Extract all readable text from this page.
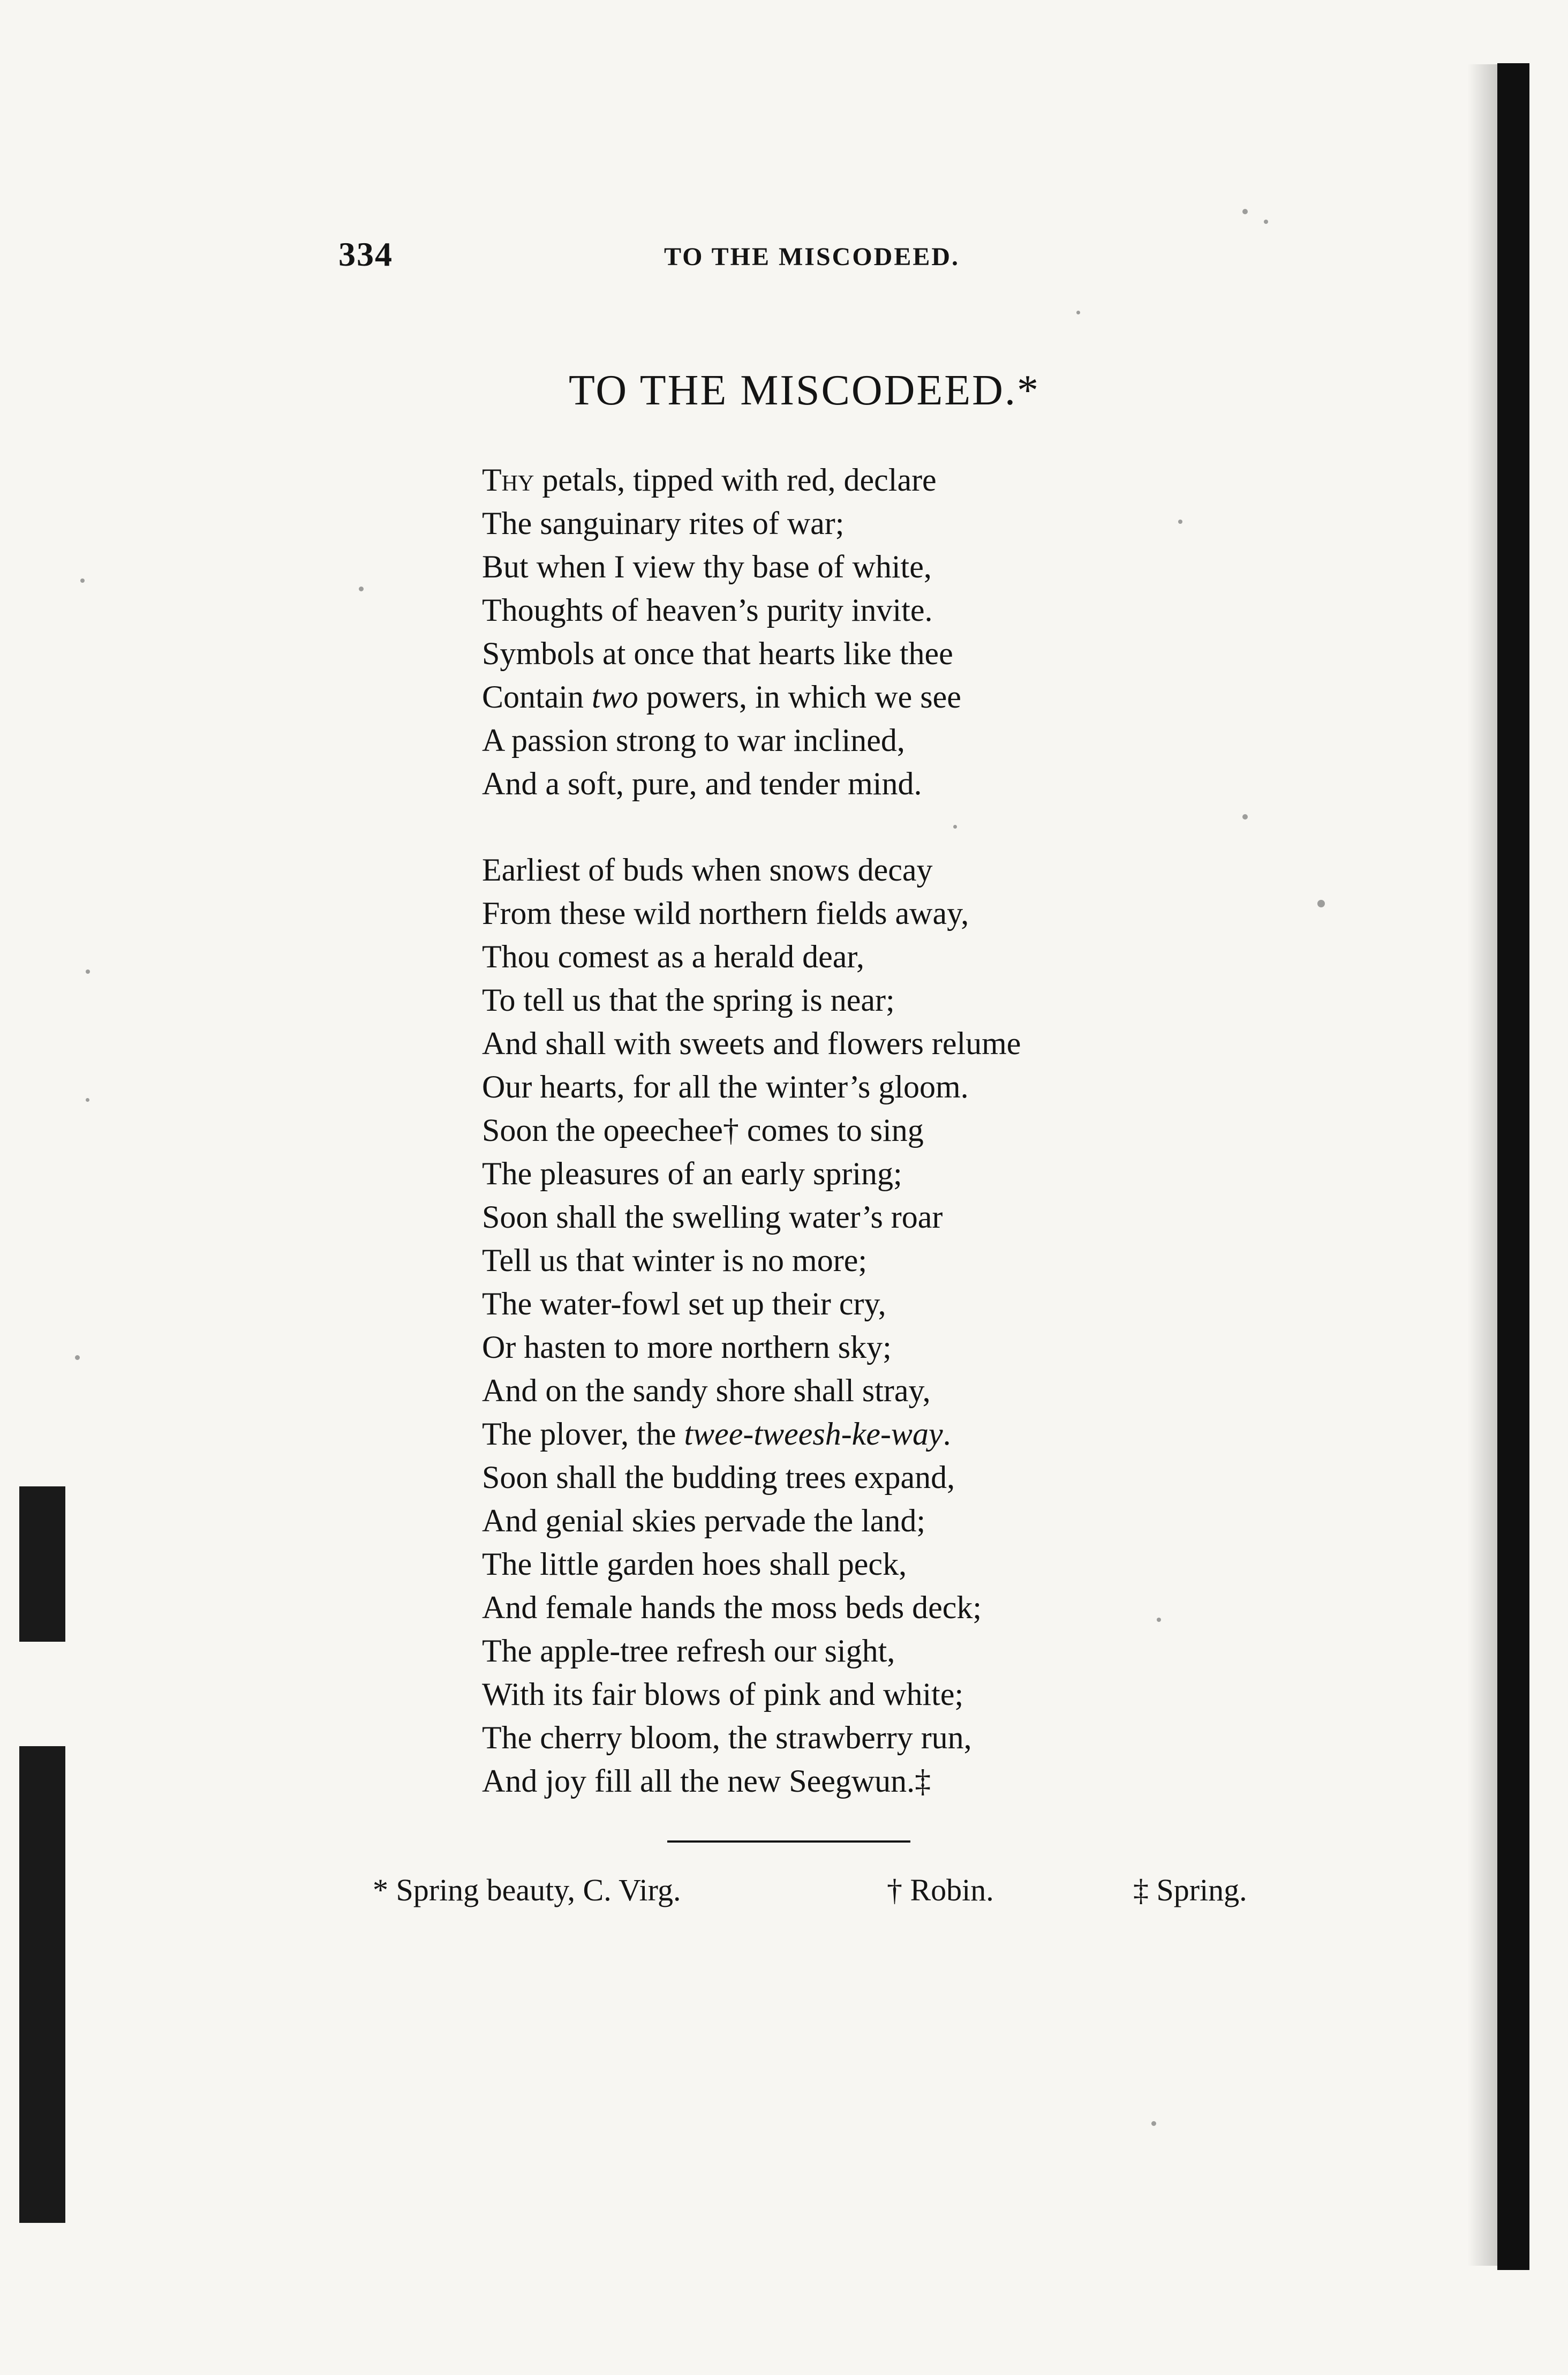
334	TO THE MISCODEED.
TO THE MISCODEED.*
Thy petals, tipped with red, declare
The sanguinary rites of war;
But when I view thy base of white,
Thoughts of heaven’s purity invite.
Symbols at once that hearts like thee
Contain two powers, in which we see
A passion strong to war inclined,
And a soft, pure, and tender mind.
Earliest of buds when snows decay
From these wild northern fields away,
Thou comest as a herald dear,
To tell us that the spring is near;
And shall with sweets and flowers relume
Our hearts, for all the winter’s gloom.
Soon the opeechee† comes to sing
The pleasures of an early spring;
Soon shall the swelling water’s roar
Tell us that winter is no more;
The water-fowl set up their cry,
Or hasten to more northern sky;
And on the sandy shore shall stray,
The plover, the twee-tweesh-ke-way.
Soon shall the budding trees expand,
And genial skies pervade the land;
The little garden hoes shall peck,
And female hands the moss beds deck;
The apple-tree refresh our sight,
With its fair blows of pink and white;
The cherry bloom, the strawberry run,
And joy fill all the new Seegwun.‡
* Spring beauty, C. Virg.	† Robin.	‡ Spring.
